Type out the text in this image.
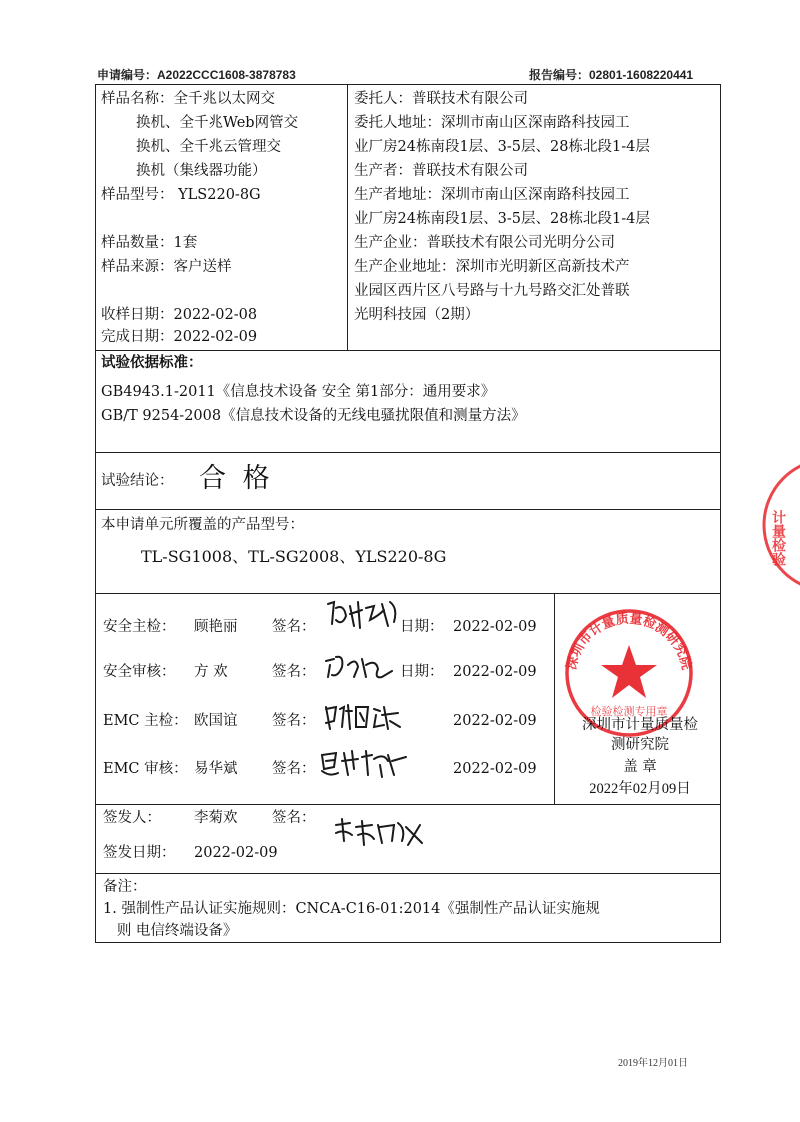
申请编号：A2022CCC1608-3878783	报告编号：02801-1608220441
样品名称：全千兆以太网交
换机、全千兆Web网管交
换机、全千兆云管理交
换机（集线器功能）
样品型号： YLS220-8G
样品数量：1套
样品来源：客户送样
收样日期：2022-02-08
完成日期：2022-02-09
委托人：普联技术有限公司
委托人地址：深圳市南山区深南路科技园工
业厂房24栋南段1层、3-5层、28栋北段1-4层
生产者：普联技术有限公司
生产者地址：深圳市南山区深南路科技园工
业厂房24栋南段1层、3-5层、28栋北段1-4层
生产企业：普联技术有限公司光明分公司
生产企业地址：深圳市光明新区高新技术产
业园区西片区八号路与十九号路交汇处普联
光明科技园（2期）
试验依据标准：
GB4943.1-2011《信息技术设备 安全 第1部分：通用要求》
GB/T 9254-2008《信息技术设备的无线电骚扰限值和测量方法》
试验结论： 合 格
本申请单元所覆盖的产品型号：
TL-SG1008、TL-SG2008、YLS220-8G
安全主检： 顾艳丽 签名：	日期： 2022-02-09
安全审核： 方 欢	签名：	日期： 2022-02-09
EMC 主检： 欧国谊 签名：	2022-02-09
EMC 审核： 易华斌 签名：	2022-02-09
深圳市计量质量检测研究院
检验检测专用章
深圳市计量质量检
测研究院
盖 章
2022年02月09日
签发人： 李菊欢 签名：
签发日期： 2022-02-09
备注：
1. 强制性产品认证实施规则：CNCA-C16-01:2014《强制性产品认证实施规
则 电信终端设备》
计量检验
2019年12月01日
